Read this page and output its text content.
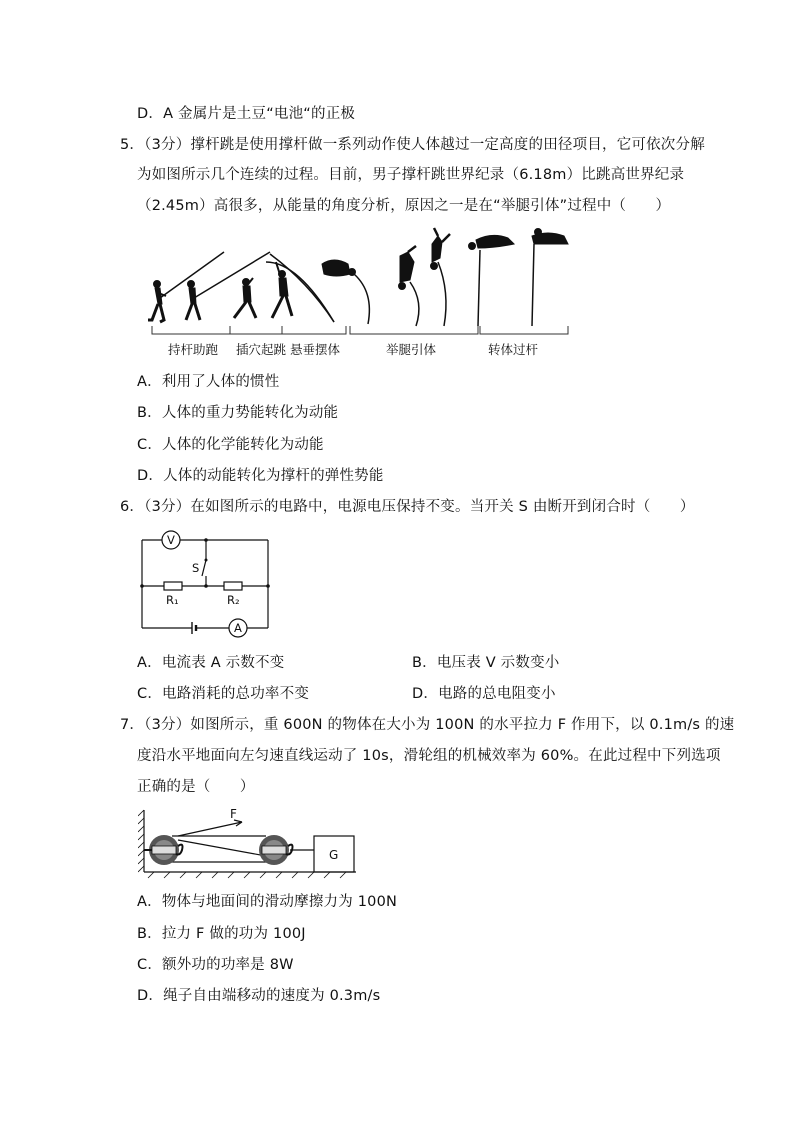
D．A 金属片是土豆“电池“的正极
5．（3分）撑杆跳是使用撑杆做一系列动作使人体越过一定高度的田径项目，它可依次分解
为如图所示几个连续的过程。目前，男子撑杆跳世界纪录（6.18m）比跳高世界纪录
（2.45m）高很多，从能量的角度分析，原因之一是在“举腿引体”过程中（　　）
持杆助跑 插穴起跳 悬垂摆体	举腿引体	转体过杆
A．利用了人体的惯性
B．人体的重力势能转化为动能
C．人体的化学能转化为动能
D．人体的动能转化为撑杆的弹性势能
6．（3分）在如图所示的电路中，电源电压保持不变。当开关 S 由断开到闭合时（　　）
V
A
S
R₁	R₂
A．电流表 A 示数不变	B．电压表 V 示数变小
C．电路消耗的总功率不变	D．电路的总电阻变小
7．（3分）如图所示，重 600N 的物体在大小为 100N 的水平拉力 F 作用下，以 0.1m/s 的速
度沿水平地面向左匀速直线运动了 10s，滑轮组的机械效率为 60%。在此过程中下列选项
正确的是（　　）
F
G
A．物体与地面间的滑动摩擦力为 100N
B．拉力 F 做的功为 100J
C．额外功的功率是 8W
D．绳子自由端移动的速度为 0.3m/s
